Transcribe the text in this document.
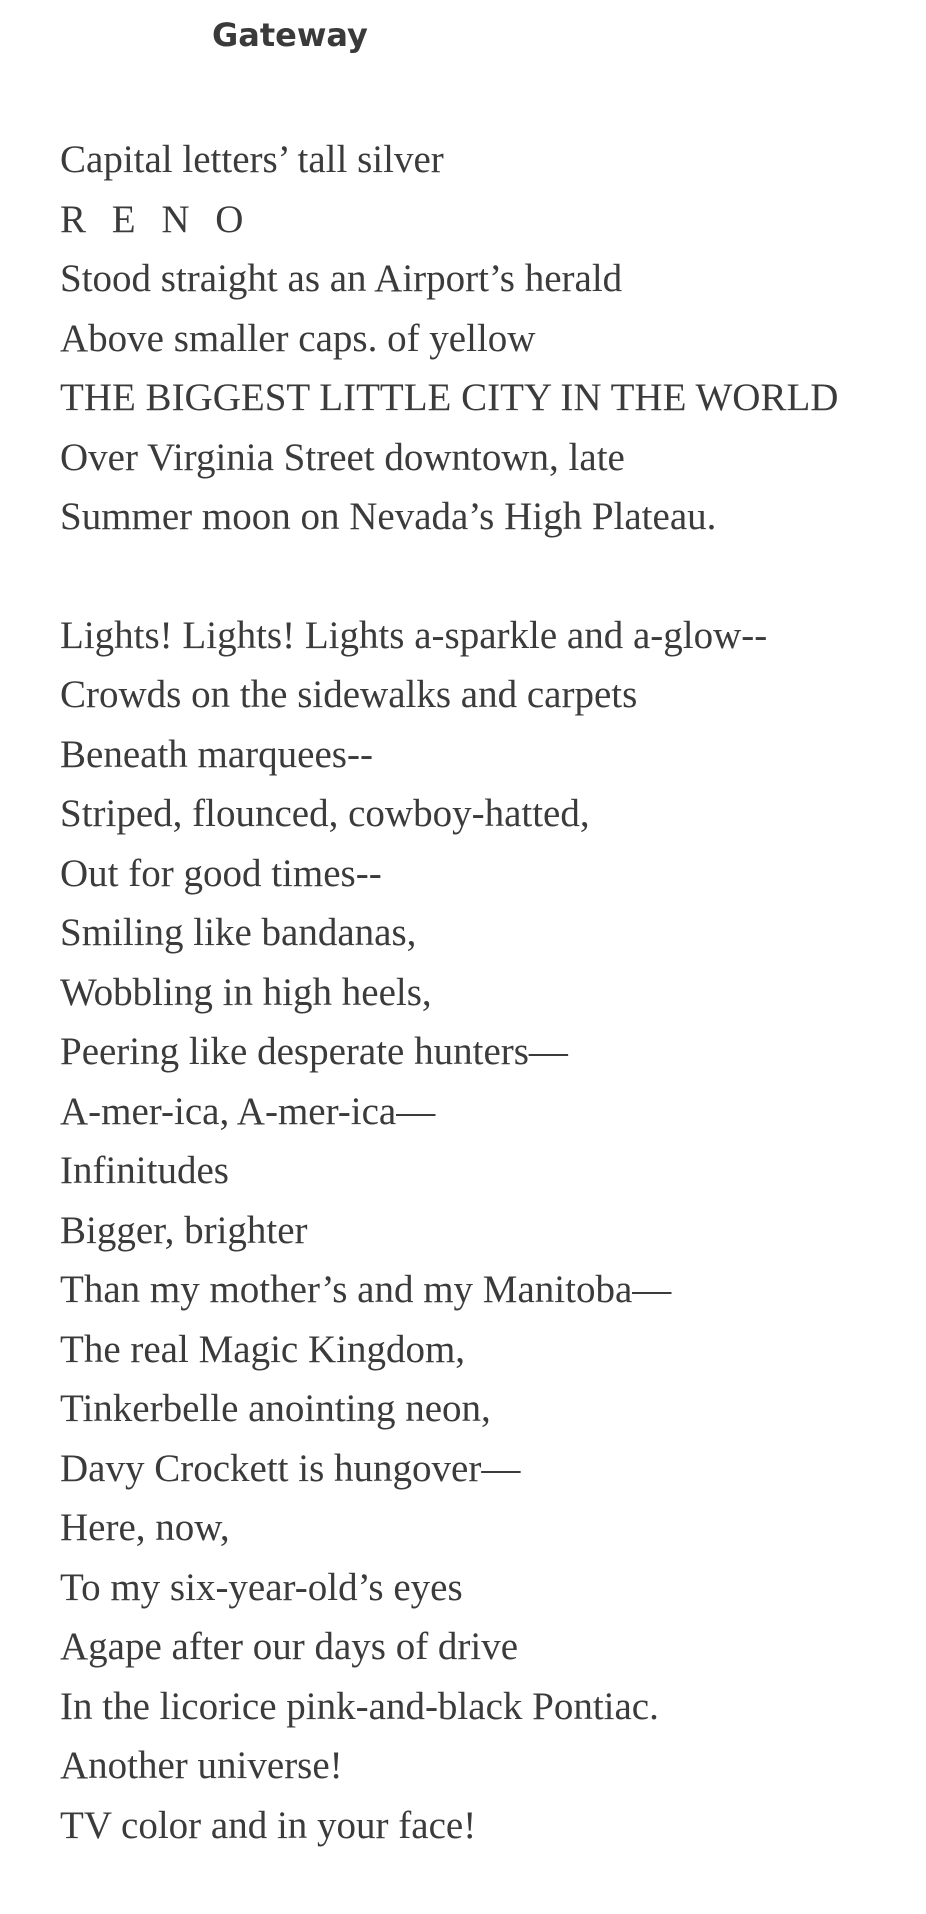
Gateway
Capital letters’ tall silver
R E N O
Stood straight as an Airport’s herald
Above smaller caps. of yellow
THE BIGGEST LITTLE CITY IN THE WORLD
Over Virginia Street downtown, late
Summer moon on Nevada’s High Plateau.
Lights! Lights! Lights a-sparkle and a-glow--
Crowds on the sidewalks and carpets
Beneath marquees--
Striped, flounced, cowboy-hatted,
Out for good times--
Smiling like bandanas,
Wobbling in high heels,
Peering like desperate hunters—
A-mer-ica, A-mer-ica—
Infinitudes
Bigger, brighter
Than my mother’s and my Manitoba—
The real Magic Kingdom,
Tinkerbelle anointing neon,
Davy Crockett is hungover—
Here, now,
To my six-year-old’s eyes
Agape after our days of drive
In the licorice pink-and-black Pontiac.
Another universe!
TV color and in your face!
